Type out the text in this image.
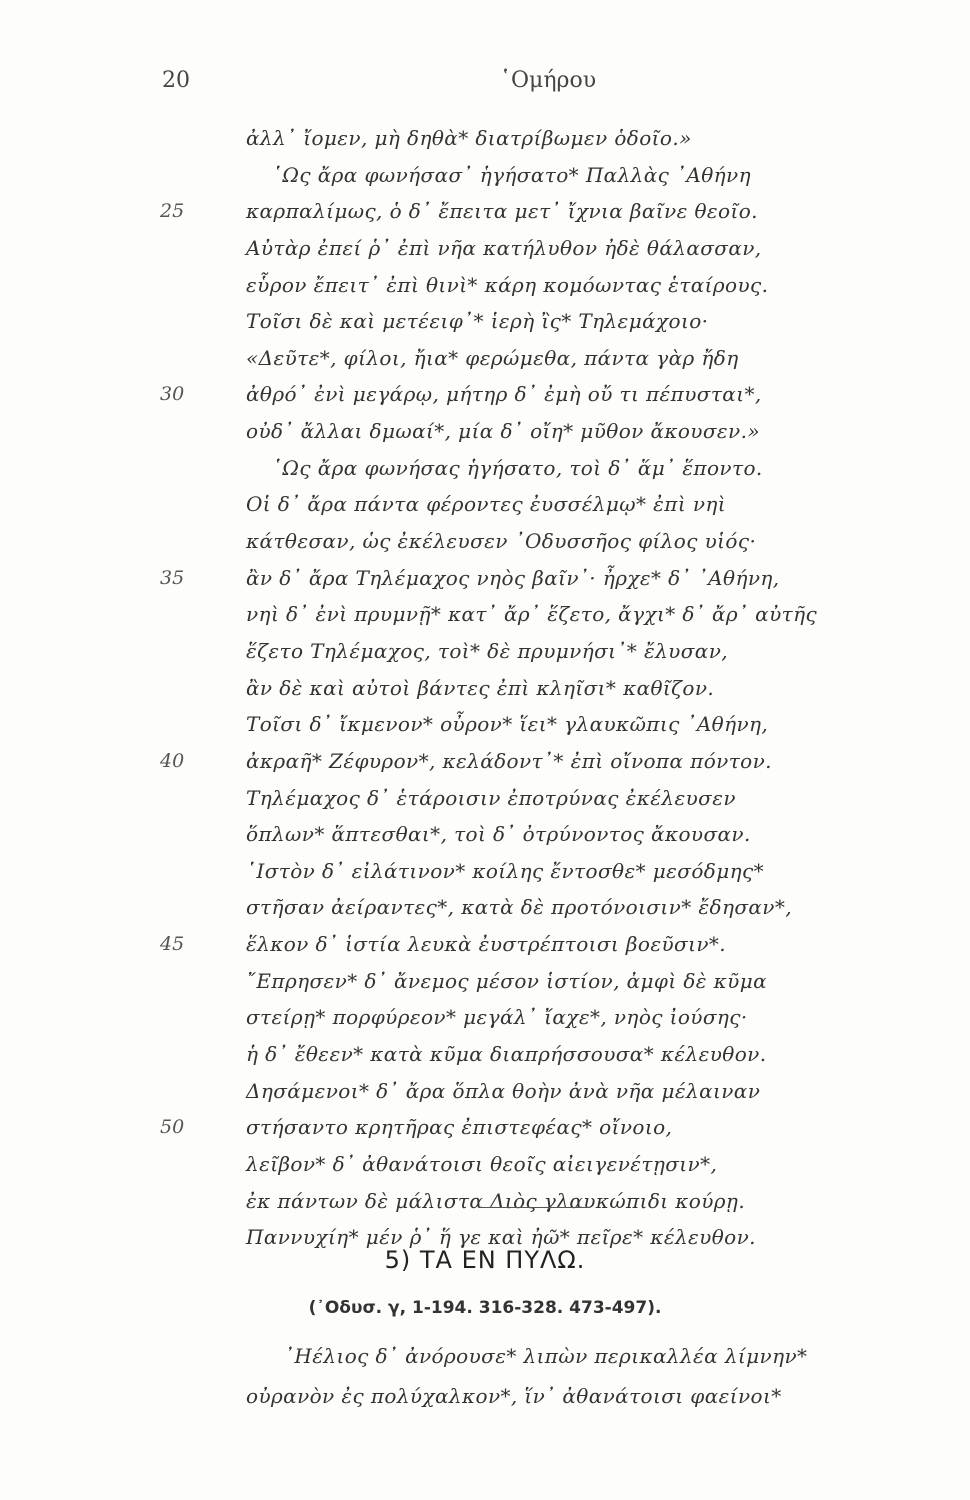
20	῾Ομήρου
ἀλλ᾽ ἴομεν, μὴ δηθὰ* διατρίβωμεν ὁδοῖο.»
῾Ως ἄρα φωνήσασ᾽ ἡγήσατο* Παλλὰς ᾽Αθήνη
25	καρπαλίμως, ὁ δ᾽ ἔπειτα μετ᾽ ἴχνια βαῖνε θεοῖο.
Αὐτὰρ ἐπεί ῥ᾽ ἐπὶ νῆα κατήλυθον ἠδὲ θάλασσαν,
εὗρον ἔπειτ᾽ ἐπὶ θινὶ* κάρη κομόωντας ἑταίρους.
Τοῖσι δὲ καὶ μετέειφ᾽* ἱερὴ ἲς* Τηλεμάχοιο·
«Δεῦτε*, φίλοι, ἤια* φερώμεθα, πάντα γὰρ ἤδη
30	ἀθρό᾽ ἐνὶ μεγάρῳ, μήτηρ δ᾽ ἐμὴ οὔ τι πέπυσται*,
οὐδ᾽ ἄλλαι δμωαί*, μία δ᾽ οἴη* μῦθον ἄκουσεν.»
῾Ως ἄρα φωνήσας ἡγήσατο, τοὶ δ᾽ ἅμ᾽ ἕποντο.
Οἱ δ᾽ ἄρα πάντα φέροντες ἐυσσέλμῳ* ἐπὶ νηὶ
κάτθεσαν, ὡς ἐκέλευσεν ᾽Οδυσσῆος φίλος υἱός·
35	ἂν δ᾽ ἄρα Τηλέμαχος νηὸς βαῖν᾽· ἦρχε* δ᾽ ᾽Αθήνη,
νηὶ δ᾽ ἐνὶ πρυμνῇ* κατ᾽ ἄρ᾽ ἕζετο, ἄγχι* δ᾽ ἄρ᾽ αὐτῆς
ἕζετο Τηλέμαχος, τοὶ* δὲ πρυμνήσι᾽* ἔλυσαν,
ἂν δὲ καὶ αὐτοὶ βάντες ἐπὶ κληῖσι* καθῖζον.
Τοῖσι δ᾽ ἴκμενον* οὖρον* ἵει* γλαυκῶπις ᾽Αθήνη,
40	ἀκραῆ* Ζέφυρον*, κελάδοντ᾽* ἐπὶ οἴνοπα πόντον.
Τηλέμαχος δ᾽ ἑτάροισιν ἐποτρύνας ἐκέλευσεν
ὅπλων* ἅπτεσθαι*, τοὶ δ᾽ ὀτρύνοντος ἄκουσαν.
῾Ιστὸν δ᾽ εἰλάτινον* κοίλης ἔντοσθε* μεσόδμης*
στῆσαν ἀείραντες*, κατὰ δὲ προτόνοισιν* ἔδησαν*,
45	ἕλκον δ᾽ ἱστία λευκὰ ἐυστρέπτοισι βοεῦσιν*.
῎Επρησεν* δ᾽ ἄνεμος μέσον ἱστίον, ἀμφὶ δὲ κῦμα
στείρῃ* πορφύρεον* μεγάλ᾽ ἴαχε*, νηὸς ἰούσης·
ἡ δ᾽ ἔθεεν* κατὰ κῦμα διαπρήσσουσα* κέλευθον.
Δησάμενοι* δ᾽ ἄρα ὅπλα θοὴν ἀνὰ νῆα μέλαιναν
50	στήσαντο κρητῆρας ἐπιστεφέας* οἴνοιο,
λεῖβον* δ᾽ ἀθανάτοισι θεοῖς αἰειγενέτῃσιν*,
ἐκ πάντων δὲ μάλιστα Διὸς γλαυκώπιδι κούρῃ.
Παννυχίη* μέν ῥ᾽ ἥ γε καὶ ἠῶ* πεῖρε* κέλευθον.
5) ΤΑ ΕΝ ΠΥΛΩ.
(᾽Οδυσ. γ, 1-194. 316-328. 473-497).
᾽Ηέλιος δ᾽ ἀνόρουσε* λιπὼν περικαλλέα λίμνην*
οὐρανὸν ἐς πολύχαλκον*, ἵν᾽ ἀθανάτοισι φαείνοι*
